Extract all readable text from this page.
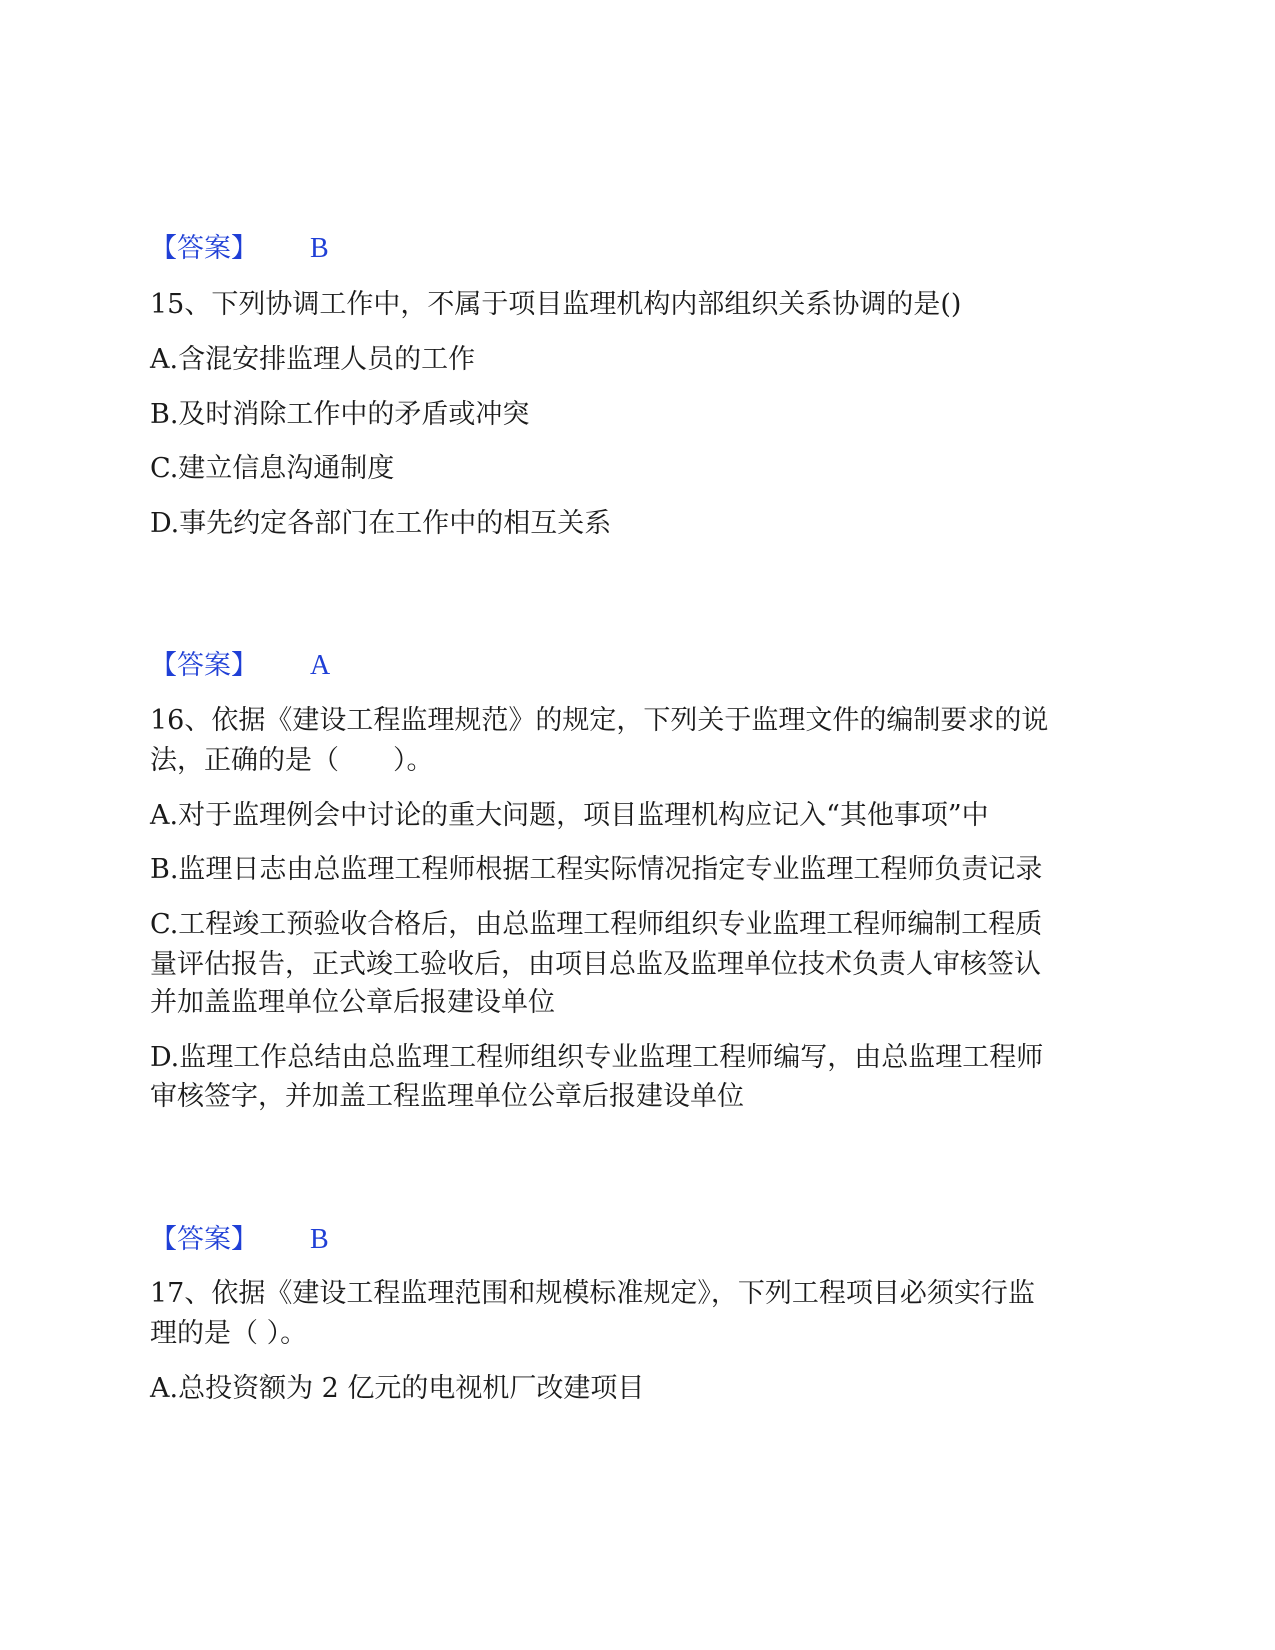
【答案】 B
15、下列协调工作中，不属于项目监理机构内部组织关系协调的是()
A.含混安排监理人员的工作
B.及时消除工作中的矛盾或冲突
C.建立信息沟通制度
D.事先约定各部门在工作中的相互关系
【答案】 A
16、依据《建设工程监理规范》的规定，下列关于监理文件的编制要求的说
法，正确的是（　　）。
A.对于监理例会中讨论的重大问题，项目监理机构应记入“其他事项”中
B.监理日志由总监理工程师根据工程实际情况指定专业监理工程师负责记录
C.工程竣工预验收合格后，由总监理工程师组织专业监理工程师编制工程质
量评估报告，正式竣工验收后，由项目总监及监理单位技术负责人审核签认
并加盖监理单位公章后报建设单位
D.监理工作总结由总监理工程师组织专业监理工程师编写，由总监理工程师
审核签字，并加盖工程监理单位公章后报建设单位
【答案】 B
17、依据《建设工程监理范围和规模标准规定》，下列工程项目必须实行监
理的是（ ）。
A.总投资额为 2 亿元的电视机厂改建项目
